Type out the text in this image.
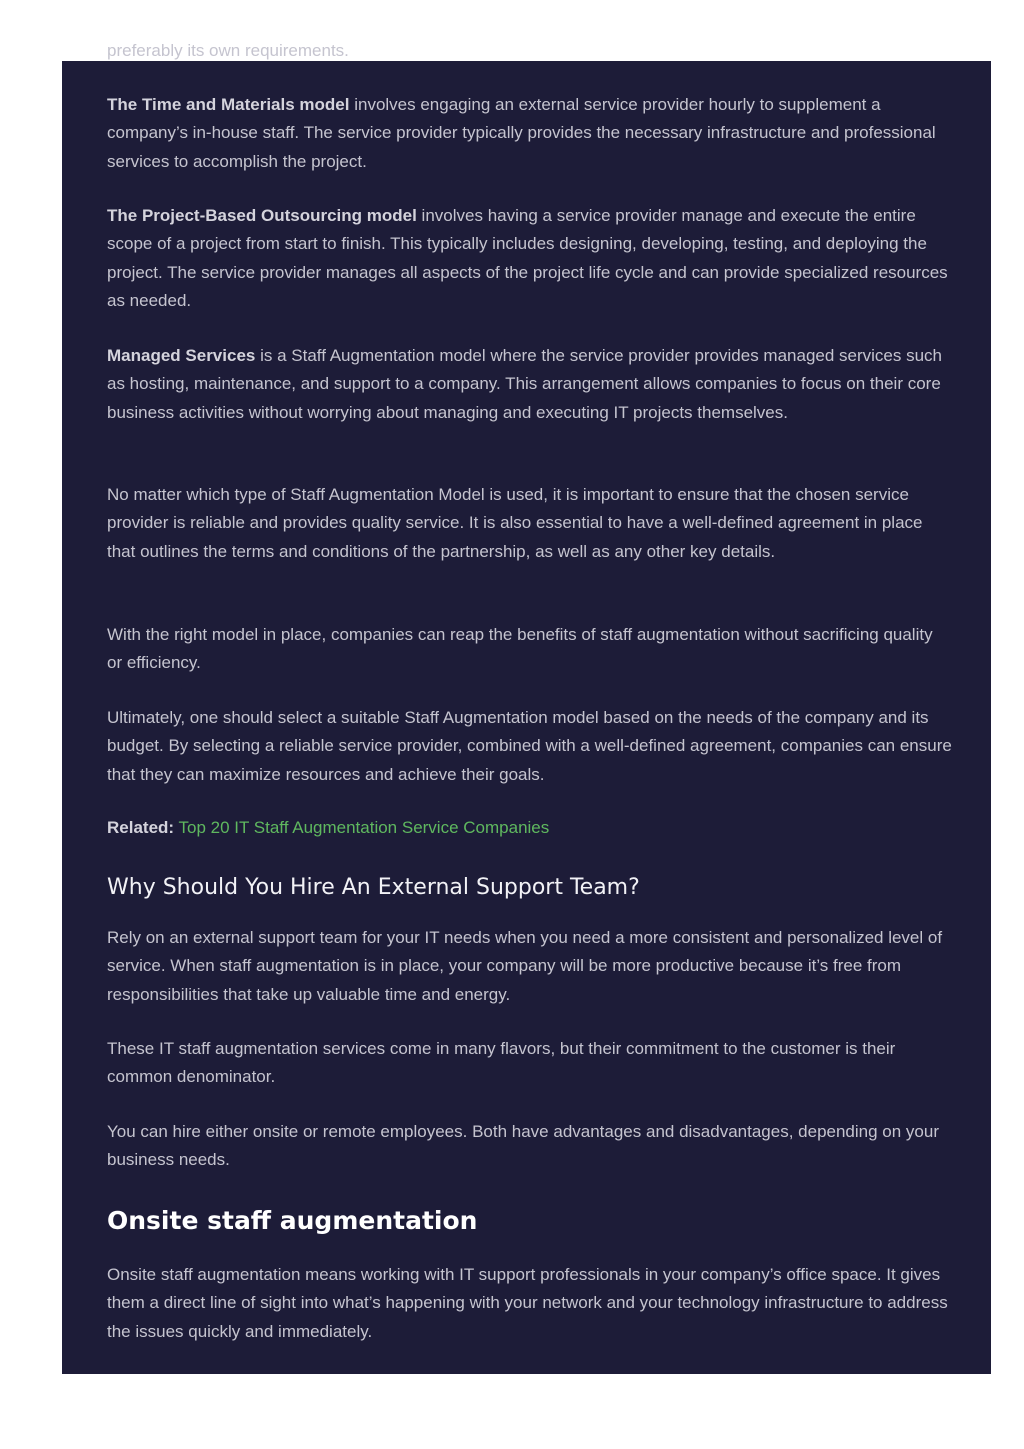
preferably its own requirements.

The Time and Materials model involves engaging an external service provider hourly to supplement a company’s in-house staff. The service provider typically provides the necessary infrastructure and professional services to accomplish the project.

The Project-Based Outsourcing model involves having a service provider manage and execute the entire scope of a project from start to finish. This typically includes designing, developing, testing, and deploying the project. The service provider manages all aspects of the project life cycle and can provide specialized resources as needed.

Managed Services is a Staff Augmentation model where the service provider provides managed services such as hosting, maintenance, and support to a company. This arrangement allows companies to focus on their core business activities without worrying about managing and executing IT projects themselves.

No matter which type of Staff Augmentation Model is used, it is important to ensure that the chosen service provider is reliable and provides quality service. It is also essential to have a well-defined agreement in place that outlines the terms and conditions of the partnership, as well as any other key details.

With the right model in place, companies can reap the benefits of staff augmentation without sacrificing quality or efficiency.

Ultimately, one should select a suitable Staff Augmentation model based on the needs of the company and its budget. By selecting a reliable service provider, combined with a well-defined agreement, companies can ensure that they can maximize resources and achieve their goals.

Related: Top 20 IT Staff Augmentation Service Companies

Why Should You Hire An External Support Team?

Rely on an external support team for your IT needs when you need a more consistent and personalized level of service. When staff augmentation is in place, your company will be more productive because it’s free from responsibilities that take up valuable time and energy.

These IT staff augmentation services come in many flavors, but their commitment to the customer is their common denominator.

You can hire either onsite or remote employees. Both have advantages and disadvantages, depending on your business needs.

Onsite staff augmentation

Onsite staff augmentation means working with IT support professionals in your company’s office space. It gives them a direct line of sight into what’s happening with your network and your technology infrastructure to address the issues quickly and immediately.
